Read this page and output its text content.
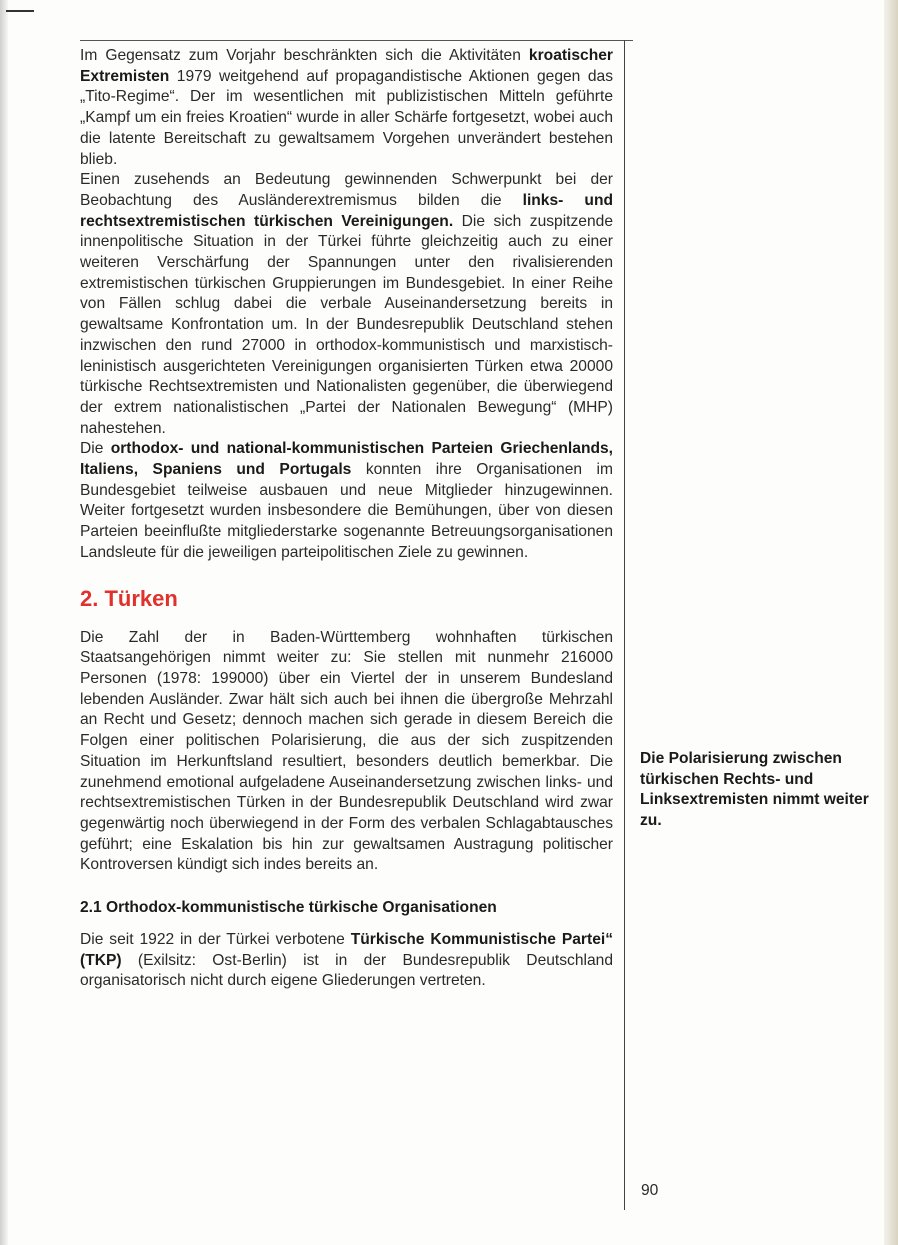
Im Gegensatz zum Vorjahr beschränkten sich die Aktivitäten kroatischer Extremisten 1979 weitgehend auf propagandistische Aktionen gegen das „Tito-Regime“. Der im wesentlichen mit publizistischen Mitteln geführte „Kampf um ein freies Kroatien“ wurde in aller Schärfe fortgesetzt, wobei auch die latente Bereitschaft zu gewaltsamem Vorgehen unverändert bestehen blieb.

Einen zusehends an Bedeutung gewinnenden Schwerpunkt bei der Beobachtung des Ausländerextremismus bilden die links- und rechtsextremistischen türkischen Vereinigungen. Die sich zuspitzende innenpolitische Situation in der Türkei führte gleichzeitig auch zu einer weiteren Verschärfung der Spannungen unter den rivalisierenden extremistischen türkischen Gruppierungen im Bundesgebiet. In einer Reihe von Fällen schlug dabei die verbale Auseinandersetzung bereits in gewaltsame Konfrontation um. In der Bundesrepublik Deutschland stehen inzwischen den rund 27000 in orthodox-kommunistisch und marxistisch-leninistisch ausgerichteten Vereinigungen organisierten Türken etwa 20000 türkische Rechtsextremisten und Nationalisten gegenüber, die überwiegend der extrem nationalistischen „Partei der Nationalen Bewegung“ (MHP) nahestehen.

Die orthodox- und national-kommunistischen Parteien Griechenlands, Italiens, Spaniens und Portugals konnten ihre Organisationen im Bundesgebiet teilweise ausbauen und neue Mitglieder hinzugewinnen. Weiter fortgesetzt wurden insbesondere die Bemühungen, über von diesen Parteien beeinflußte mitgliederstarke sogenannte Betreuungsorganisationen Landsleute für die jeweiligen parteipolitischen Ziele zu gewinnen.

2. Türken

Die Zahl der in Baden-Württemberg wohnhaften türkischen Staatsangehörigen nimmt weiter zu: Sie stellen mit nunmehr 216000 Personen (1978: 199000) über ein Viertel der in unserem Bundesland lebenden Ausländer. Zwar hält sich auch bei ihnen die übergroße Mehrzahl an Recht und Gesetz; dennoch machen sich gerade in diesem Bereich die Folgen einer politischen Polarisierung, die aus der sich zuspitzenden Situation im Herkunftsland resultiert, besonders deutlich bemerkbar. Die zunehmend emotional aufgeladene Auseinandersetzung zwischen links- und rechtsextremistischen Türken in der Bundesrepublik Deutschland wird zwar gegenwärtig noch überwiegend in der Form des verbalen Schlagabtausches geführt; eine Eskalation bis hin zur gewaltsamen Austragung politischer Kontroversen kündigt sich indes bereits an.

2.1 Orthodox-kommunistische türkische Organisationen

Die seit 1922 in der Türkei verbotene Türkische Kommunistische Partei“ (TKP) (Exilsitz: Ost-Berlin) ist in der Bundesrepublik Deutschland organisatorisch nicht durch eigene Gliederungen vertreten.

Die Polarisierung zwischen türkischen Rechts- und Linksextremisten nimmt weiter zu.
90
